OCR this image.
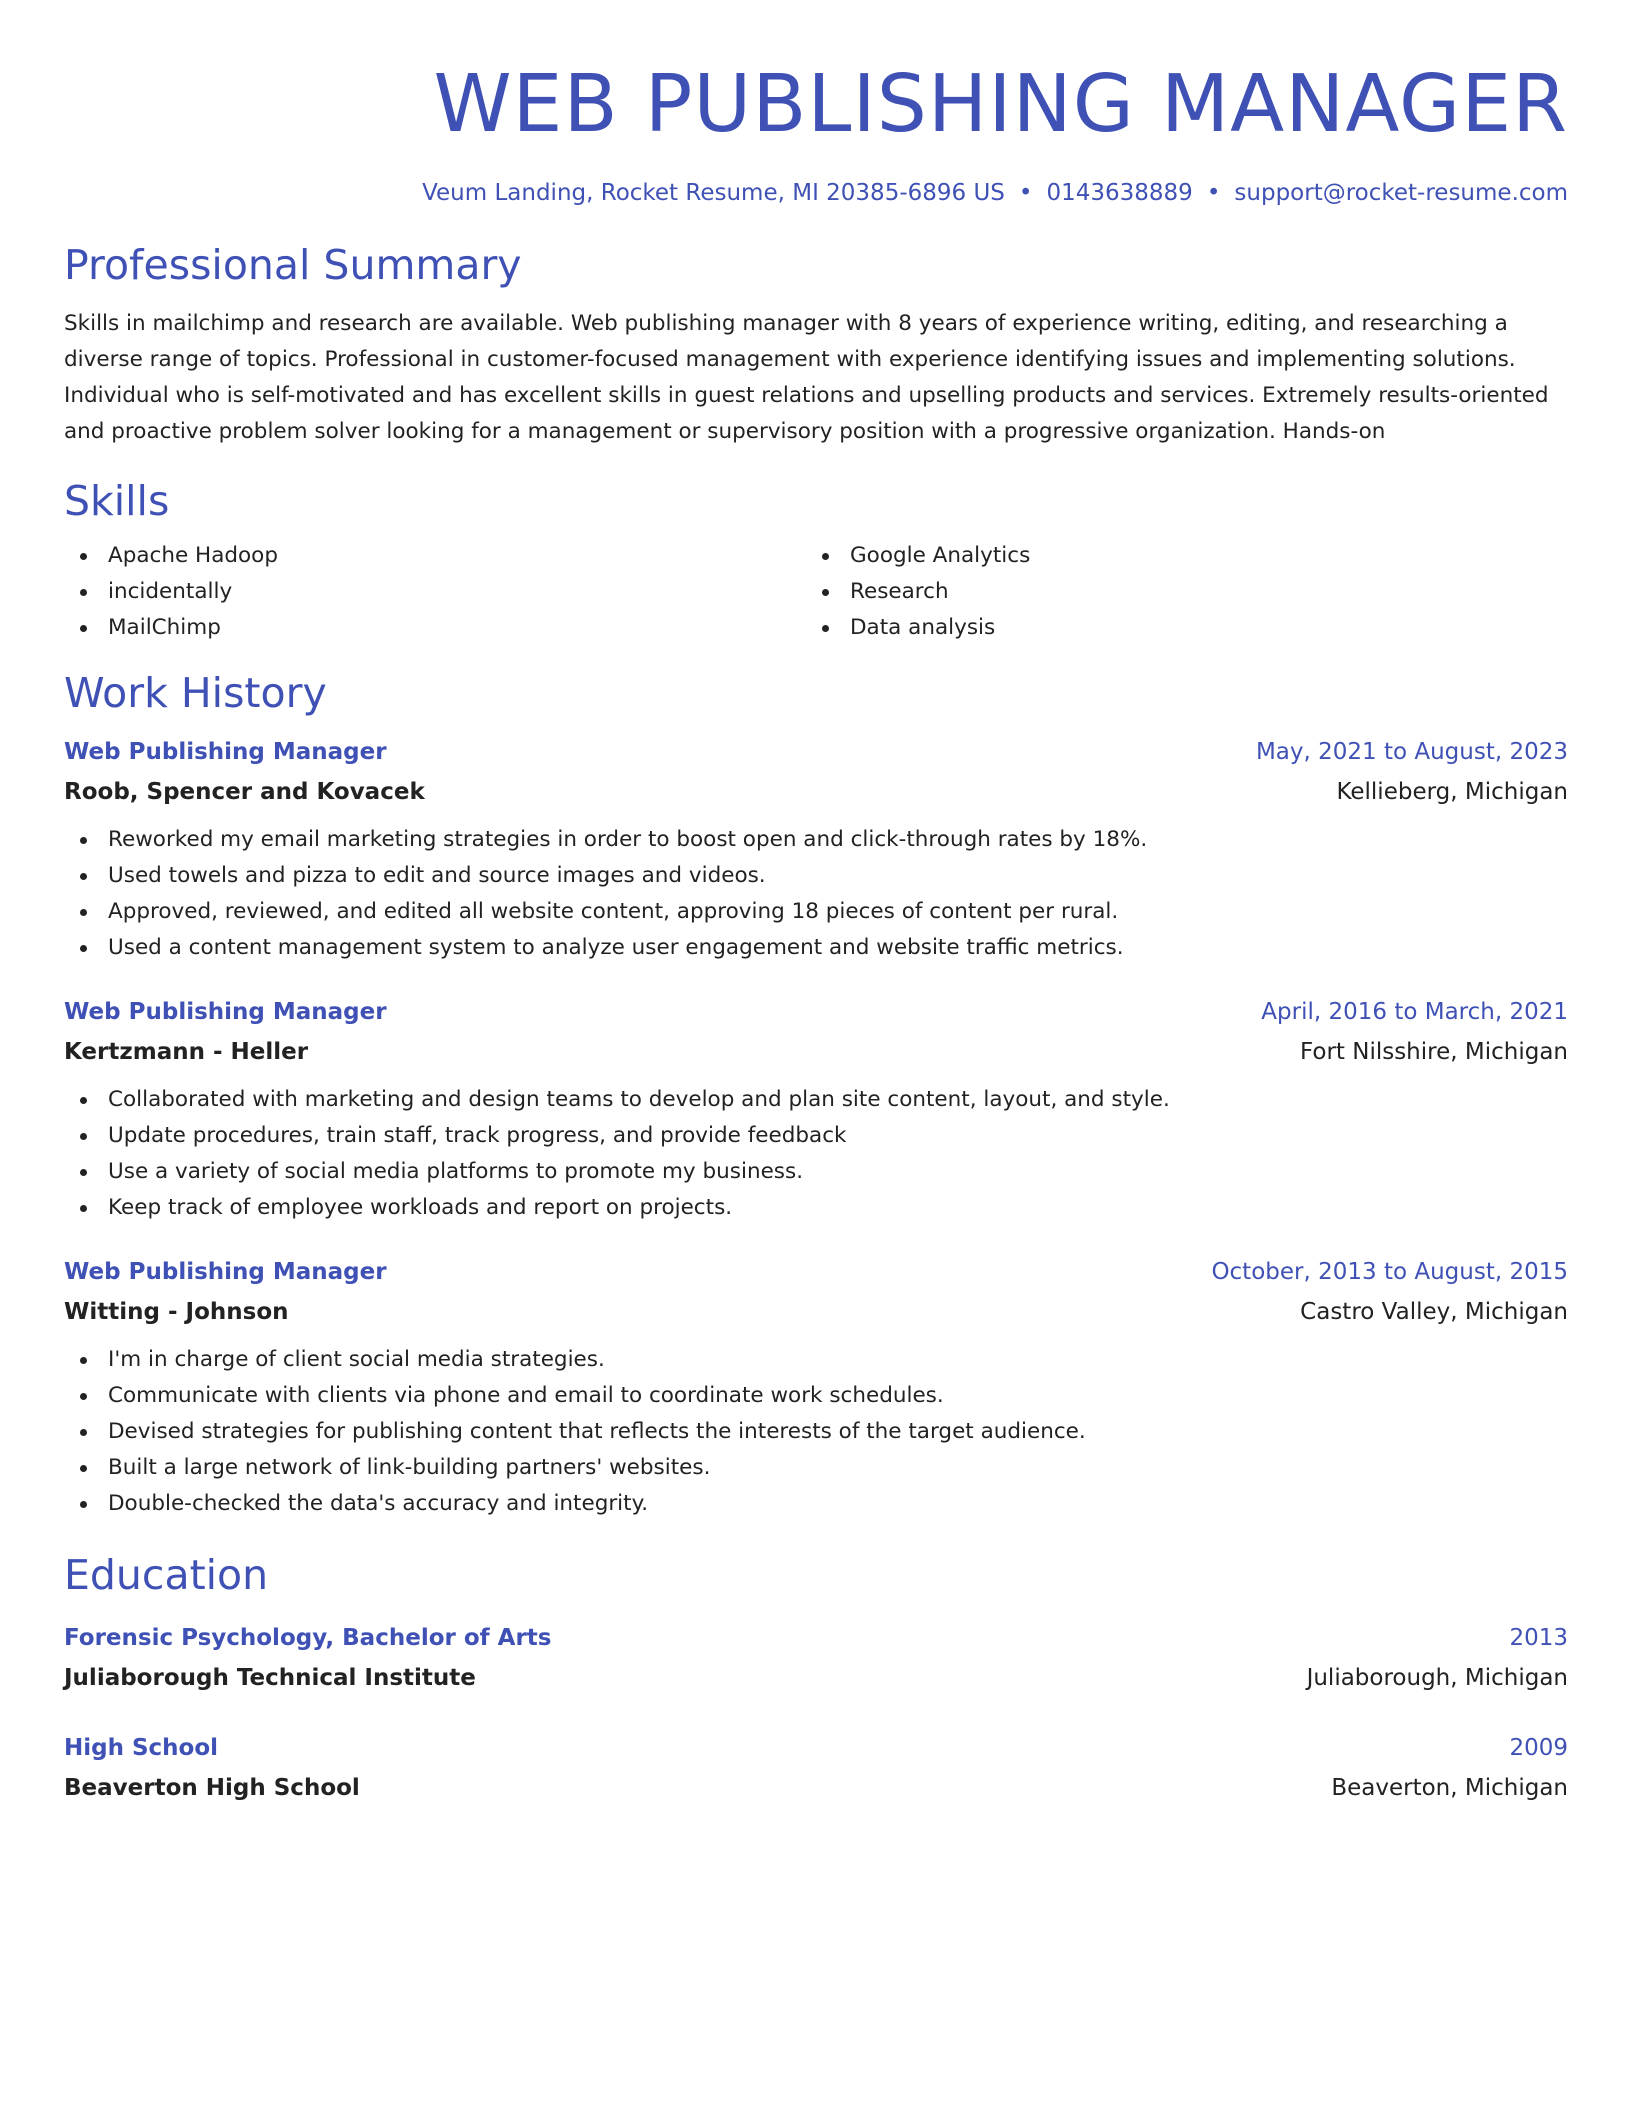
WEB PUBLISHING MANAGER
Veum Landing, Rocket Resume, MI 20385-6896 US • 0143638889 • support@rocket-resume.com
Professional Summary

Skills in mailchimp and research are available. Web publishing manager with 8 years of experience writing, editing, and researching a diverse range of topics. Professional in customer-focused management with experience identifying issues and implementing solutions. Individual who is self-motivated and has excellent skills in guest relations and upselling products and services. Extremely results-oriented and proactive problem solver looking for a management or supervisory position with a progressive organization. Hands-on

Skills
Apache Hadoop
incidentally
MailChimp
Google Analytics
Research
Data analysis
Work History
Web Publishing Manager	May, 2021 to August, 2023
Roob, Spencer and Kovacek	Kellieberg, Michigan
Reworked my email marketing strategies in order to boost open and click-through rates by 18%.
Used towels and pizza to edit and source images and videos.
Approved, reviewed, and edited all website content, approving 18 pieces of content per rural.
Used a content management system to analyze user engagement and website traffic metrics.
Web Publishing Manager	April, 2016 to March, 2021
Kertzmann - Heller	Fort Nilsshire, Michigan
Collaborated with marketing and design teams to develop and plan site content, layout, and style.
Update procedures, train staff, track progress, and provide feedback
Use a variety of social media platforms to promote my business.
Keep track of employee workloads and report on projects.
Web Publishing Manager	October, 2013 to August, 2015
Witting - Johnson	Castro Valley, Michigan
I'm in charge of client social media strategies.
Communicate with clients via phone and email to coordinate work schedules.
Devised strategies for publishing content that reflects the interests of the target audience.
Built a large network of link-building partners' websites.
Double-checked the data's accuracy and integrity.
Education
Forensic Psychology, Bachelor of Arts	2013
Juliaborough Technical Institute	Juliaborough, Michigan
High School	2009
Beaverton High School	Beaverton, Michigan
